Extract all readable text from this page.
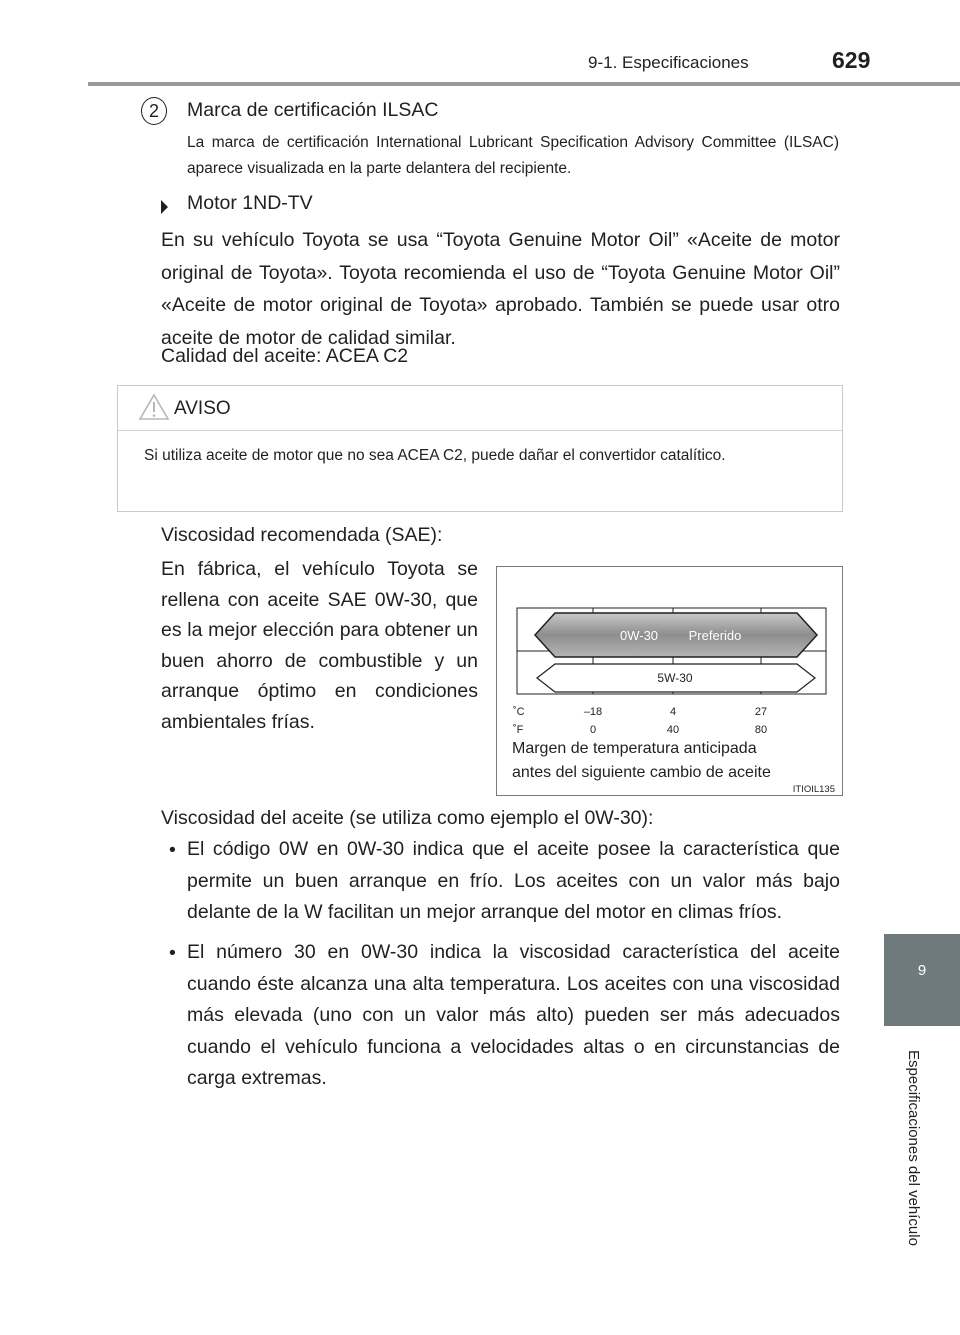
9-1. Especificaciones	629
9
Especificaciones del vehículo
2	Marca de certificación ILSAC
La marca de certificación International Lubricant Specification Advisory Committee (ILSAC) aparece visualizada en la parte delantera del recipiente.
Motor 1ND-TV
En su vehículo Toyota se usa “Toyota Genuine Motor Oil” «Aceite de motor original de Toyota». Toyota recomienda el uso de “Toyota Genuine Motor Oil” «Aceite de motor original de Toyota» aprobado. También se puede usar otro aceite de motor de calidad similar.
Calidad del aceite: ACEA C2
AVISO
Si utiliza aceite de motor que no sea ACEA C2, puede dañar el convertidor catalítico.
Viscosidad recomendada (SAE):
En fábrica, el vehículo Toyota se rellena con aceite SAE 0W-30, que es la mejor elección para obtener un buen ahorro de combustible y un arranque óptimo en condiciones ambientales frías.
0W-30 Preferido
5W-30
˚C	–18	4	27
˚F	0	40	80
Margen de temperatura anticipada
antes del siguiente cambio de aceite
ITIOIL135
Viscosidad del aceite (se utiliza como ejemplo el 0W-30):
• El código 0W en 0W-30 indica que el aceite posee la característica que permite un buen arranque en frío. Los aceites con un valor más bajo delante de la W facilitan un mejor arranque del motor en climas fríos.
• El número 30 en 0W-30 indica la viscosidad característica del aceite cuando éste alcanza una alta temperatura. Los aceites con una viscosidad más elevada (uno con un valor más alto) pueden ser más adecuados cuando el vehículo funciona a velocidades altas o en circunstancias de carga extremas.
